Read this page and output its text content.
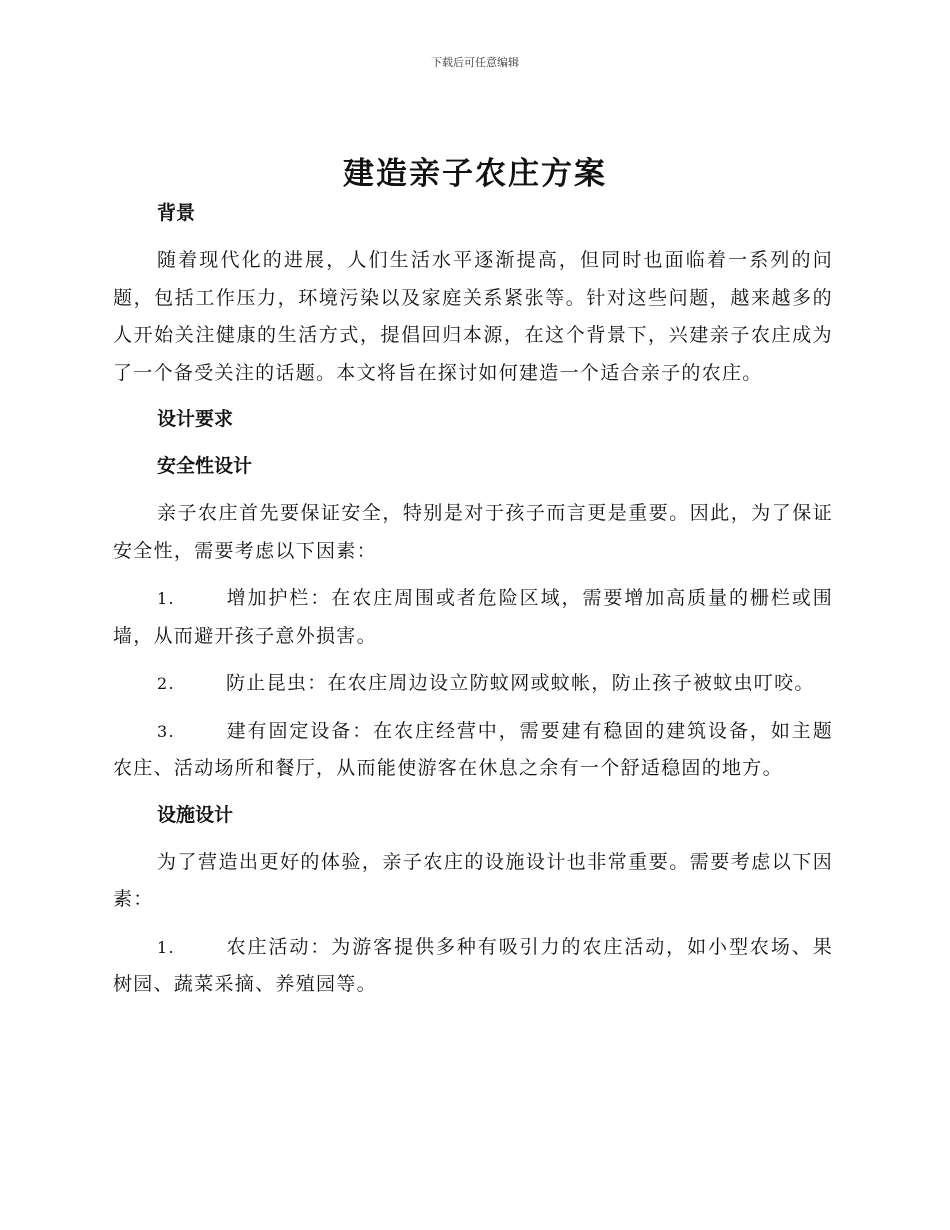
下载后可任意编辑
建造亲子农庄方案

背景

随着现代化的进展，人们生活水平逐渐提高，但同时也面临着一系列的问题，包括工作压力，环境污染以及家庭关系紧张等。针对这些问题，越来越多的人开始关注健康的生活方式，提倡回归本源，在这个背景下，兴建亲子农庄成为了一个备受关注的话题。本文将旨在探讨如何建造一个适合亲子的农庄。

设计要求

安全性设计

亲子农庄首先要保证安全，特别是对于孩子而言更是重要。因此，为了保证安全性，需要考虑以下因素：

1.	增加护栏：在农庄周围或者危险区域，需要增加高质量的栅栏或围墙，从而避开孩子意外损害。

2.	防止昆虫：在农庄周边设立防蚊网或蚊帐，防止孩子被蚊虫叮咬。

3.	建有固定设备：在农庄经营中，需要建有稳固的建筑设备，如主题农庄、活动场所和餐厅，从而能使游客在休息之余有一个舒适稳固的地方。

设施设计

为了营造出更好的体验，亲子农庄的设施设计也非常重要。需要考虑以下因素：

1.	农庄活动：为游客提供多种有吸引力的农庄活动，如小型农场、果树园、蔬菜采摘、养殖园等。
